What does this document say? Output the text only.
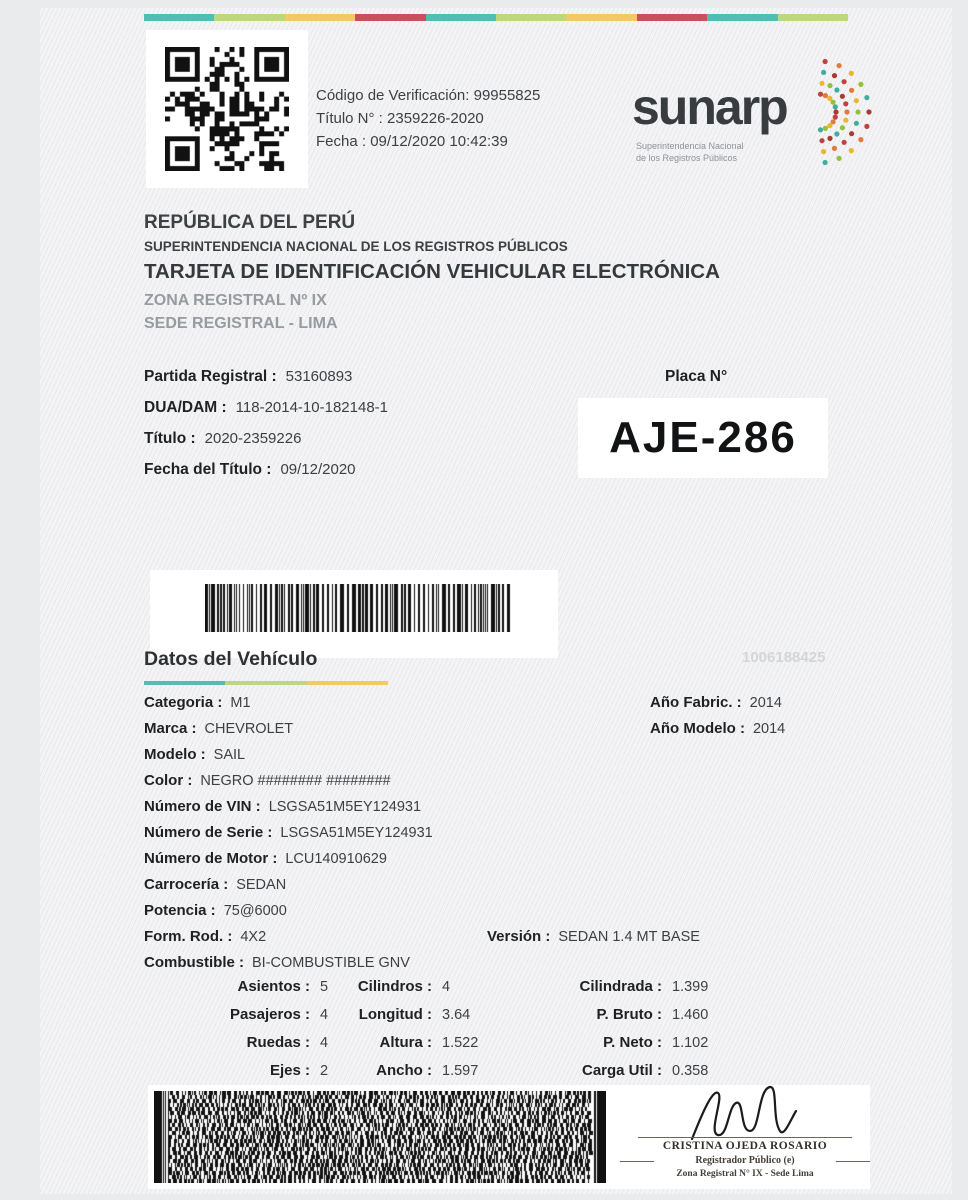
Código de Verificación: 99955825
Título N° : 2359226-2020
Fecha : 09/12/2020 10:42:39
sunarp
Superintendencia Nacional
de los Registros Públicos
REPÚBLICA DEL PERÚ
SUPERINTENDENCIA NACIONAL DE LOS REGISTROS PÚBLICOS
TARJETA DE IDENTIFICACIÓN VEHICULAR ELECTRÓNICA
ZONA REGISTRAL Nº IX
SEDE REGISTRAL - LIMA
Partida Registral : 53160893
DUA/DAM : 118-2014-10-182148-1
Título : 2020-2359226
Fecha del Título : 09/12/2020
Placa N°
AJE-286
Datos del Vehículo	1006188425
Categoria : M1
Marca : CHEVROLET
Modelo : SAIL
Color : NEGRO ######## ########
Número de VIN : LSGSA51M5EY124931
Número de Serie : LSGSA51M5EY124931
Número de Motor : LCU140910629
Carrocería : SEDAN
Potencia : 75@6000
Form. Rod. : 4X2
Combustible : BI-COMBUSTIBLE GNV
Año Fabric. : 2014
Año Modelo : 2014
Versión : SEDAN 1.4 MT BASE
Asientos : 5
Pasajeros : 4
Ruedas : 4
Ejes : 2
Cilindros : 4
Longitud : 3.64
Altura : 1.522
Ancho : 1.597
Cilindrada : 1.399
P. Bruto : 1.460
P. Neto : 1.102
Carga Util : 0.358
CRISTINA OJEDA ROSARIO
Registrador Público (e)
Zona Registral N° IX - Sede Lima
